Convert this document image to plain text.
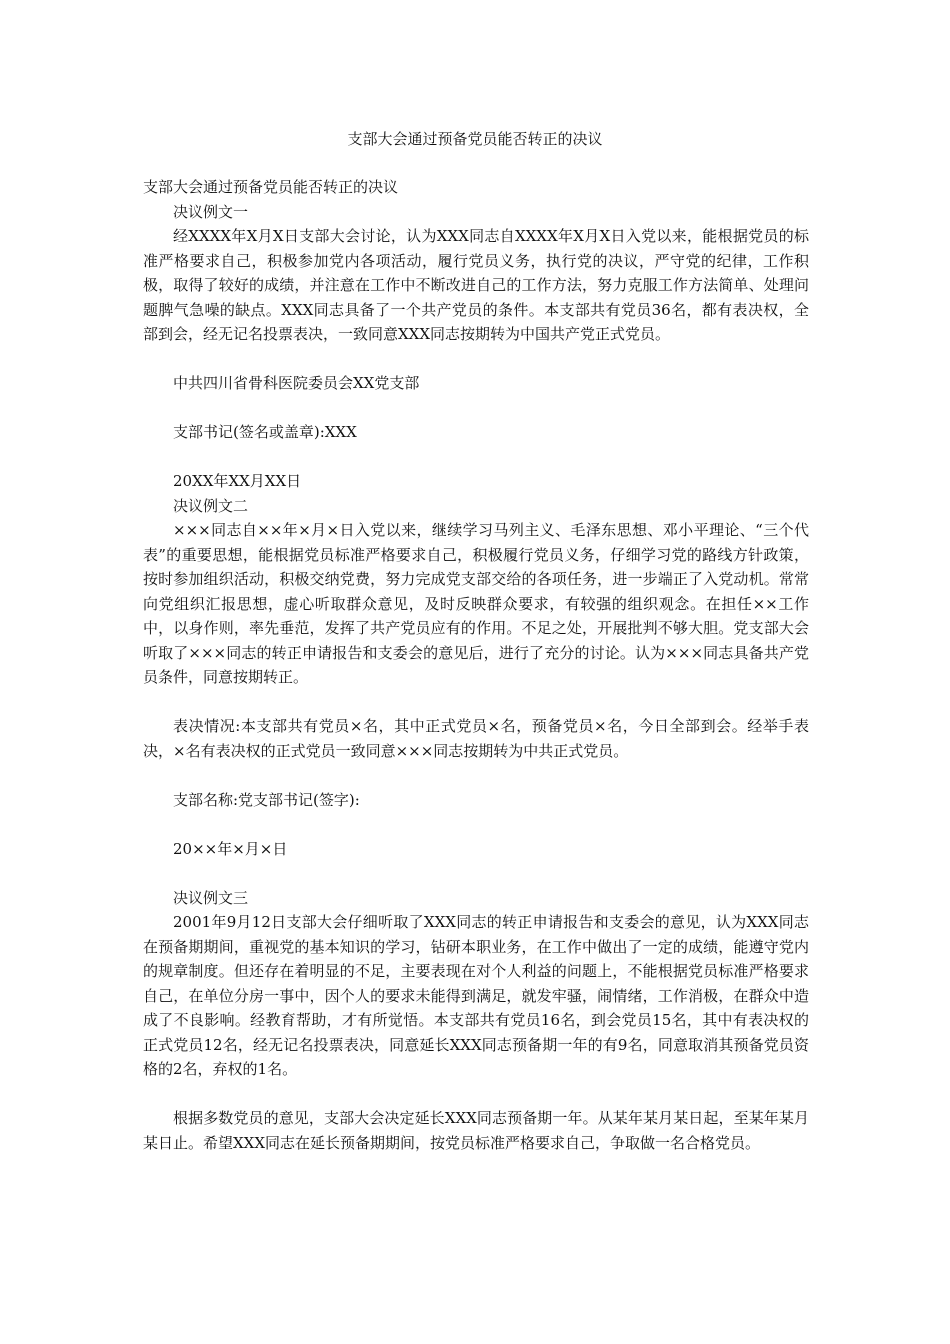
支部大会通过预备党员能否转正的决议

支部大会通过预备党员能否转正的决议

决议例文一

经XXXX年X月X日支部大会讨论，认为XXX同志自XXXX年X月X日入党以来，能根据党员的标准严格要求自己，积极参加党内各项活动，履行党员义务，执行党的决议，严守党的纪律，工作积极，取得了较好的成绩，并注意在工作中不断改进自己的工作方法，努力克服工作方法简单、处理问题脾气急噪的缺点。XXX同志具备了一个共产党员的条件。本支部共有党员36名，都有表决权，全部到会，经无记名投票表决，一致同意XXX同志按期转为中国共产党正式党员。

中共四川省骨科医院委员会XX党支部

支部书记(签名或盖章):XXX

20XX年XX月XX日

决议例文二

×××同志自××年×月×日入党以来，继续学习马列主义、毛泽东思想、邓小平理论、“三个代表”的重要思想，能根据党员标准严格要求自己，积极履行党员义务，仔细学习党的路线方针政策，按时参加组织活动，积极交纳党费，努力完成党支部交给的各项任务，进一步端正了入党动机。常常向党组织汇报思想，虚心听取群众意见，及时反映群众要求，有较强的组织观念。在担任××工作中，以身作则，率先垂范，发挥了共产党员应有的作用。不足之处，开展批判不够大胆。党支部大会听取了×××同志的转正申请报告和支委会的意见后，进行了充分的讨论。认为×××同志具备共产党员条件，同意按期转正。

表决情况:本支部共有党员×名，其中正式党员×名，预备党员×名，今日全部到会。经举手表决，×名有表决权的正式党员一致同意×××同志按期转为中共正式党员。

支部名称:党支部书记(签字):

20××年×月×日

决议例文三

2001年9月12日支部大会仔细听取了XXX同志的转正申请报告和支委会的意见，认为XXX同志在预备期期间，重视党的基本知识的学习，钻研本职业务，在工作中做出了一定的成绩，能遵守党内的规章制度。但还存在着明显的不足，主要表现在对个人利益的问题上，不能根据党员标准严格要求自己，在单位分房一事中，因个人的要求未能得到满足，就发牢骚，闹情绪，工作消极，在群众中造成了不良影响。经教育帮助，才有所觉悟。本支部共有党员16名，到会党员15名，其中有表决权的正式党员12名，经无记名投票表决，同意延长XXX同志预备期一年的有9名，同意取消其预备党员资格的2名，弃权的1名。

根据多数党员的意见，支部大会决定延长XXX同志预备期一年。从某年某月某日起，至某年某月某日止。希望XXX同志在延长预备期期间，按党员标准严格要求自己，争取做一名合格党员。
